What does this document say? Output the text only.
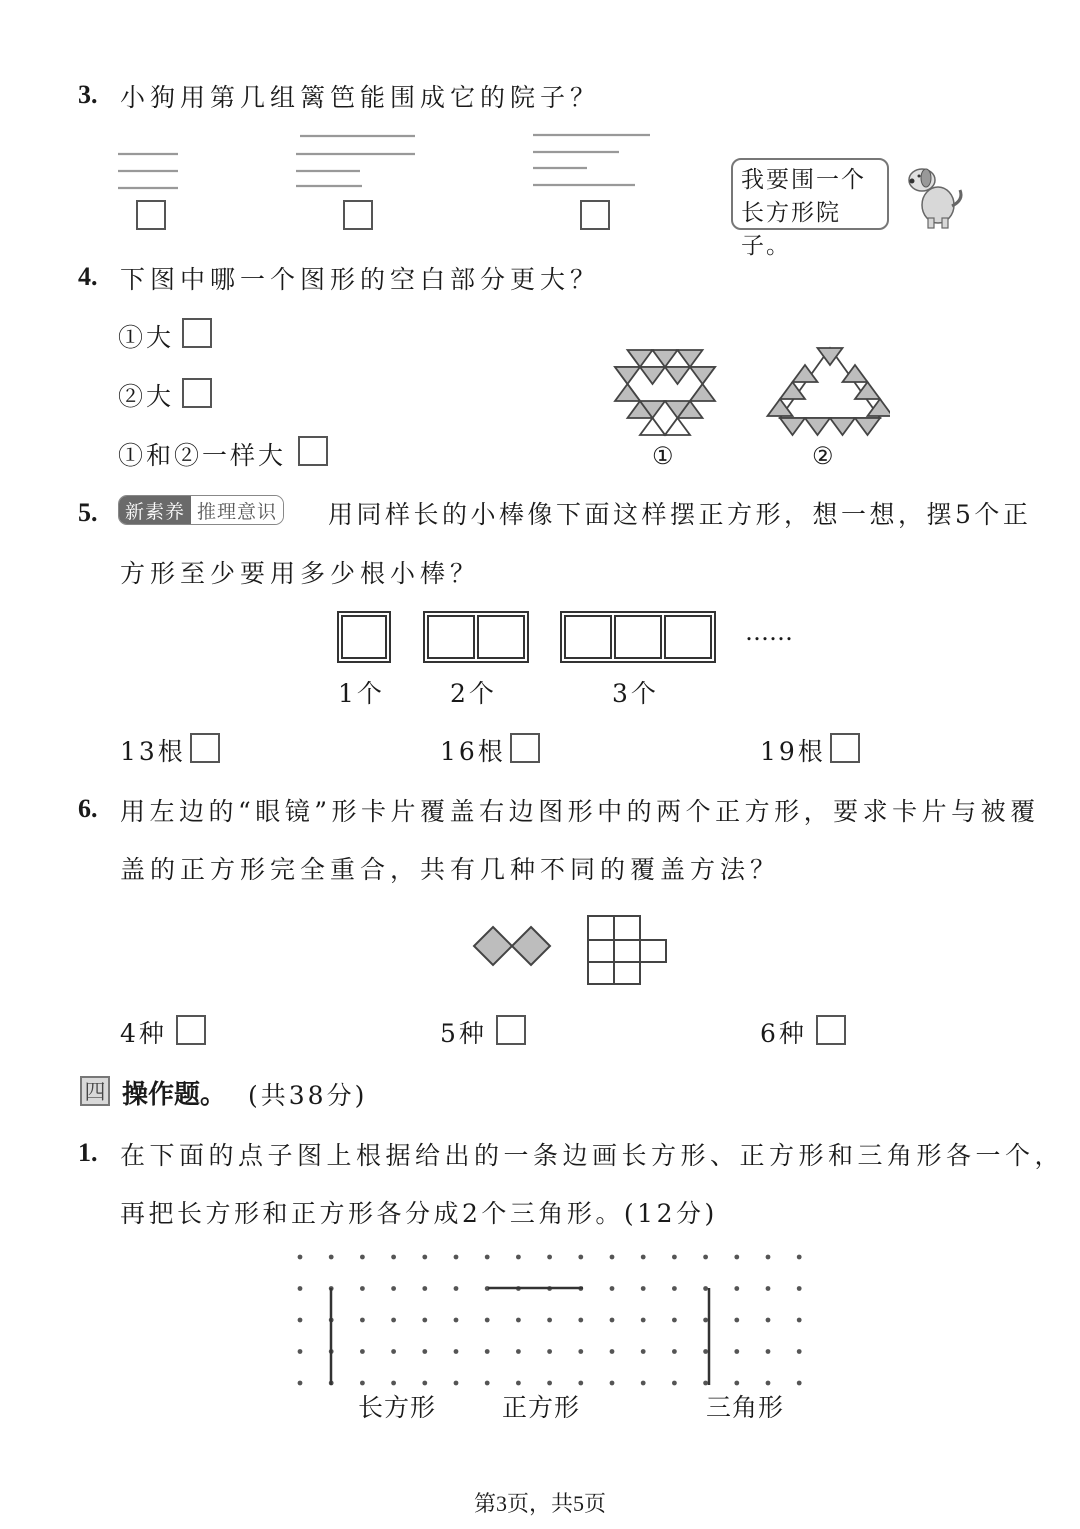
3. 小狗用第几组篱笆能围成它的院子？
我要围一个
长方形院子。
4. 下图中哪一个图形的空白部分更大？
①大
②大
①和②一样大	①	②
5.	新素养 推理意识 用同样长的小棒像下面这样摆正方形，想一想，摆5个正
方形至少要用多少根小棒？
……
1个	2个	3个
13根	16根	19根
6. 用左边的“眼镜”形卡片覆盖右边图形中的两个正方形，要求卡片与被覆
盖的正方形完全重合，共有几种不同的覆盖方法？
4种	5种	6种
四 操作题。 (共38分)
1. 在下面的点子图上根据给出的一条边画长方形、正方形和三角形各一个，
再把长方形和正方形各分成2个三角形。(12分)
长方形	正方形	三角形
第3页，共5页
